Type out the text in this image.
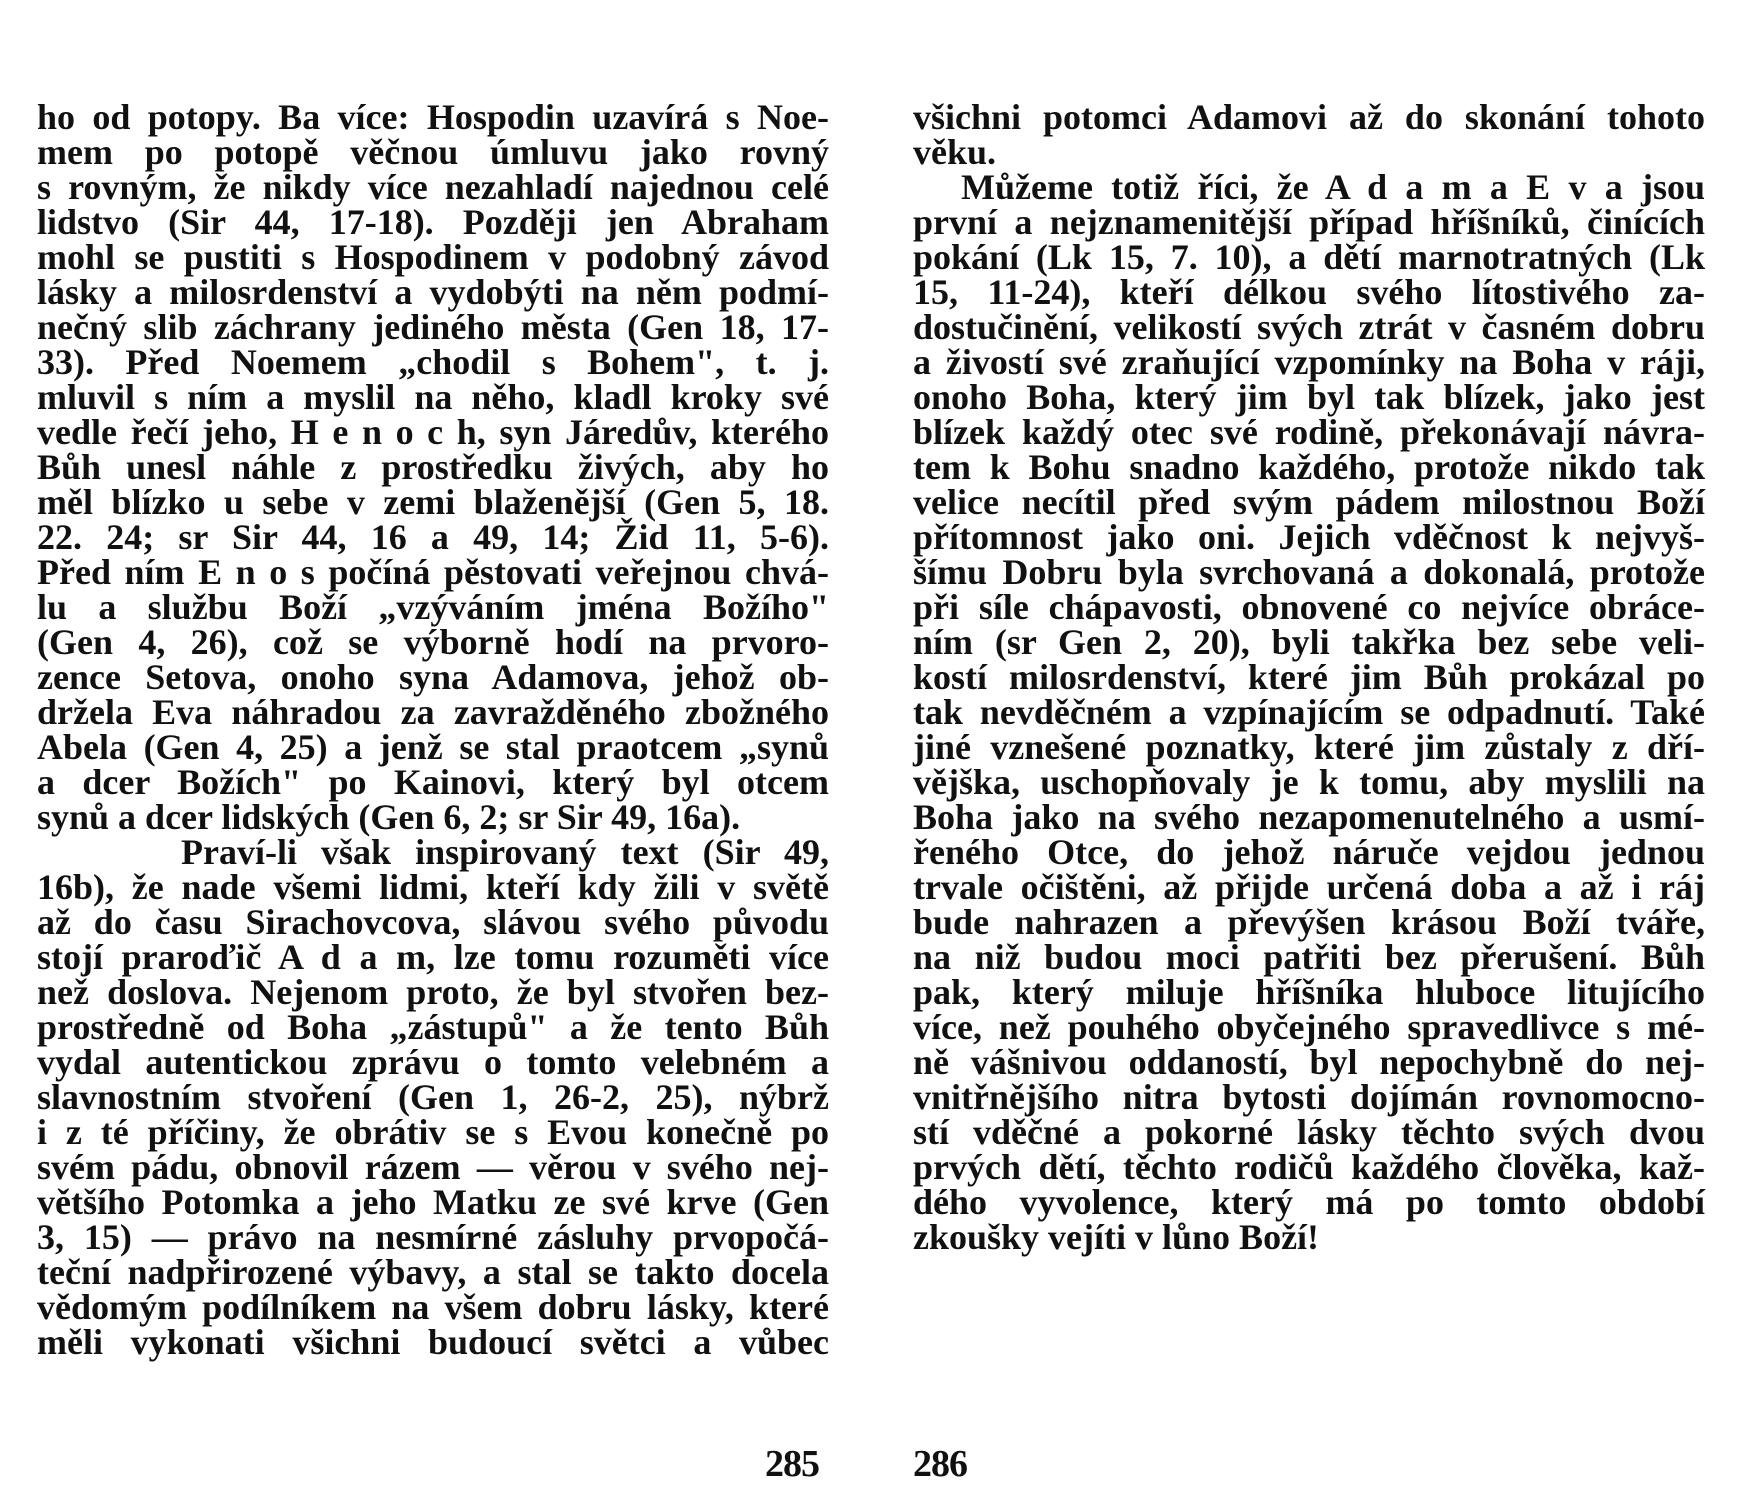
ho od potopy. Ba více: Hospodin uzavírá s Noe-
mem po potopě věčnou úmluvu jako rovný
s rovným, že nikdy více nezahladí najednou celé
lidstvo (Sir 44, 17-18). Později jen Abraham
mohl se pustiti s Hospodinem v podobný závod
lásky a milosrdenství a vydobýti na něm podmí-
nečný slib záchrany jediného města (Gen 18, 17-
33). Před Noemem „chodil s Bohem", t. j.
mluvil s ním a myslil na něho, kladl kroky své
vedle řečí jeho, H e n o c h, syn Járedův, kterého
Bůh unesl náhle z prostředku živých, aby ho
měl blízko u sebe v zemi blaženější (Gen 5, 18.
22. 24; sr Sir 44, 16 a 49, 14; Žid 11, 5-6).
Před ním E n o s počíná pěstovati veřejnou chvá-
lu a službu Boží „vzýváním jména Božího"
(Gen 4, 26), což se výborně hodí na prvoro-
zence Setova, onoho syna Adamova, jehož ob-
držela Eva náhradou za zavražděného zbožného
Abela (Gen 4, 25) a jenž se stal praotcem „synů
a dcer Božích" po Kainovi, který byl otcem
synů a dcer lidských (Gen 6, 2; sr Sir 49, 16a).
Praví-li však inspirovaný text (Sir 49,
16b), že nade všemi lidmi, kteří kdy žili v světě
až do času Sirachovcova, slávou svého původu
stojí praroďič A d a m, lze tomu rozuměti více
než doslova. Nejenom proto, že byl stvořen bez-
prostředně od Boha „zástupů" a že tento Bůh
vydal autentickou zprávu o tomto velebném a
slavnostním stvoření (Gen 1, 26-2, 25), nýbrž
i z té příčiny, že obrátiv se s Evou konečně po
svém pádu, obnovil rázem — věrou v svého nej-
většího Potomka a jeho Matku ze své krve (Gen
3, 15) — právo na nesmírné zásluhy prvopočá-
teční nadpřirozené výbavy, a stal se takto docela
vědomým podílníkem na všem dobru lásky, které
měli vykonati všichni budoucí světci a vůbec
všichni potomci Adamovi až do skonání tohoto
věku.
Můžeme totiž říci, že A d a m a E v a jsou
první a nejznamenitější případ hříšníků, činících
pokání (Lk 15, 7. 10), a dětí marnotratných (Lk
15, 11-24), kteří délkou svého lítostivého za-
dostučinění, velikostí svých ztrát v časném dobru
a živostí své zraňující vzpomínky na Boha v ráji,
onoho Boha, který jim byl tak blízek, jako jest
blízek každý otec své rodině, překonávají návra-
tem k Bohu snadno každého, protože nikdo tak
velice necítil před svým pádem milostnou Boží
přítomnost jako oni. Jejich vděčnost k nejvyš-
šímu Dobru byla svrchovaná a dokonalá, protože
při síle chápavosti, obnovené co nejvíce obráce-
ním (sr Gen 2, 20), byli takřka bez sebe veli-
kostí milosrdenství, které jim Bůh prokázal po
tak nevděčném a vzpínajícím se odpadnutí. Také
jiné vznešené poznatky, které jim zůstaly z dří-
vějška, uschopňovaly je k tomu, aby myslili na
Boha jako na svého nezapomenutelného a usmí-
řeného Otce, do jehož náruče vejdou jednou
trvale očištěni, až přijde určená doba a až i ráj
bude nahrazen a převýšen krásou Boží tváře,
na niž budou moci patřiti bez přerušení. Bůh
pak, který miluje hříšníka hluboce litujícího
více, než pouhého obyčejného spravedlivce s mé-
ně vášnivou oddaností, byl nepochybně do nej-
vnitřnějšího nitra bytosti dojímán rovnomocno-
stí vděčné a pokorné lásky těchto svých dvou
prvých dětí, těchto rodičů každého člověka, kaž-
dého vyvolence, který má po tomto období
zkoušky vejíti v lůno Boží!
285 286
